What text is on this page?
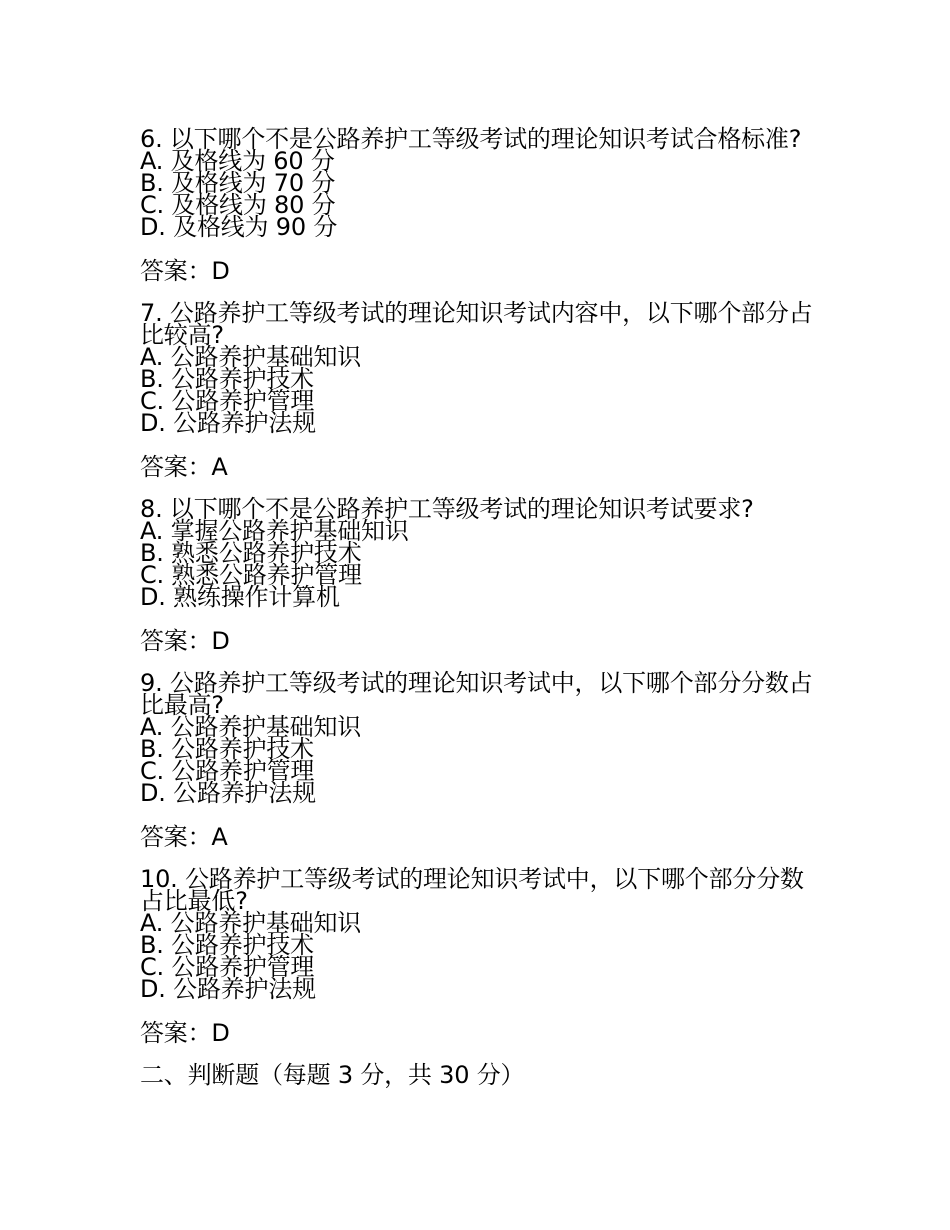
6. 以下哪个不是公路养护工等级考试的理论知识考试合格标准?
A. 及格线为 60 分
B. 及格线为 70 分
C. 及格线为 80 分
D. 及格线为 90 分
答案：D
7. 公路养护工等级考试的理论知识考试内容中，以下哪个部分占比较高?
A. 公路养护基础知识
B. 公路养护技术
C. 公路养护管理
D. 公路养护法规
答案：A
8. 以下哪个不是公路养护工等级考试的理论知识考试要求?
A. 掌握公路养护基础知识
B. 熟悉公路养护技术
C. 熟悉公路养护管理
D. 熟练操作计算机
答案：D
9. 公路养护工等级考试的理论知识考试中，以下哪个部分分数占比最高?
A. 公路养护基础知识
B. 公路养护技术
C. 公路养护管理
D. 公路养护法规
答案：A
10. 公路养护工等级考试的理论知识考试中，以下哪个部分分数占比最低?
A. 公路养护基础知识
B. 公路养护技术
C. 公路养护管理
D. 公路养护法规
答案：D
二、判断题（每题 3 分，共 30 分）
